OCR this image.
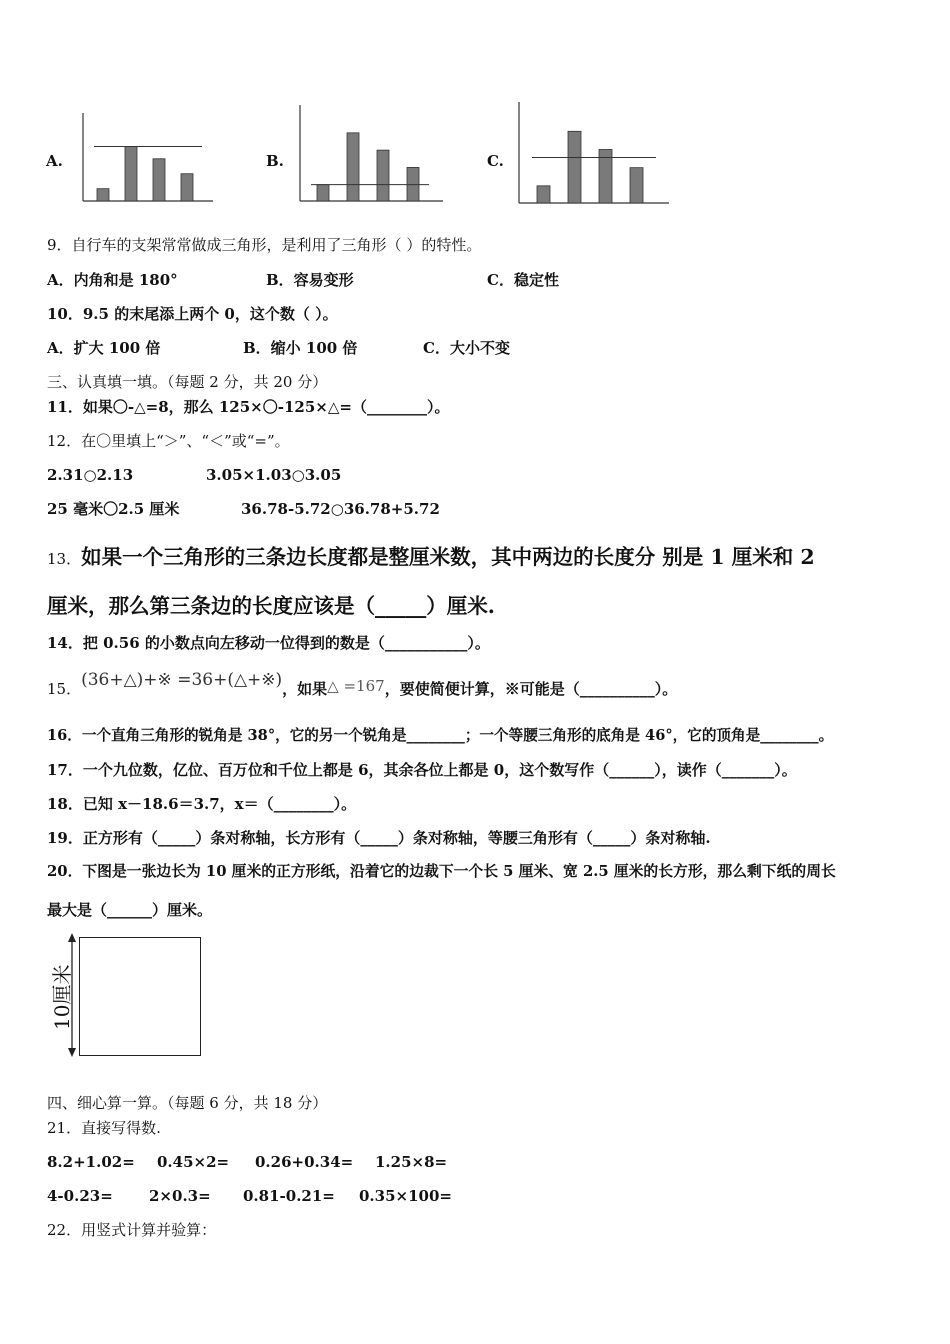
A.	B.	C.
9．自行车的支架常常做成三角形，是利用了三角形（ ）的特性。
A．内角和是 180°	B．容易变形	C．稳定性
10．9.5 的末尾添上两个 0，这个数（ ）。
A．扩大 100 倍	B．缩小 100 倍	C．大小不变
三、认真填一填。（每题 2 分，共 20 分）
11．如果〇-△=8，那么 125×〇-125×△=（________）。
12．在〇里填上“＞”、“＜”或“=”。
2.31○2.13	3.05×1.03○3.05
25 毫米〇2.5 厘米	36.78-5.72○36.78+5.72
13．如果一个三角形的三条边长度都是整厘米数，其中两边的长度分 别是 1 厘米和 2
厘米，那么第三条边的长度应该是（_____）厘米.
14．把 0.56 的小数点向左移动一位得到的数是（___________）。
15．(36+△)+※ =36+(△+※)，如果△ =167，要使简便计算，※可能是（__________）。
16．一个直角三角形的锐角是 38°，它的另一个锐角是________；一个等腰三角形的底角是 46°，它的顶角是________。
17．一个九位数，亿位、百万位和千位上都是 6，其余各位上都是 0，这个数写作（______），读作（_______）。
18．已知 x－18.6＝3.7，x＝（________）。
19．正方形有（_____）条对称轴，长方形有（_____）条对称轴，等腰三角形有（_____）条对称轴.
20．下图是一张边长为 10 厘米的正方形纸，沿着它的边裁下一个长 5 厘米、宽 2.5 厘米的长方形，那么剩下纸的周长
最大是（______）厘米。
10厘米
四、细心算一算。（每题 6 分，共 18 分）
21．直接写得数.
8.2+1.02= 0.45×2= 0.26+0.34= 1.25×8=
4-0.23= 2×0.3= 0.81-0.21= 0.35×100=
22．用竖式计算并验算：
